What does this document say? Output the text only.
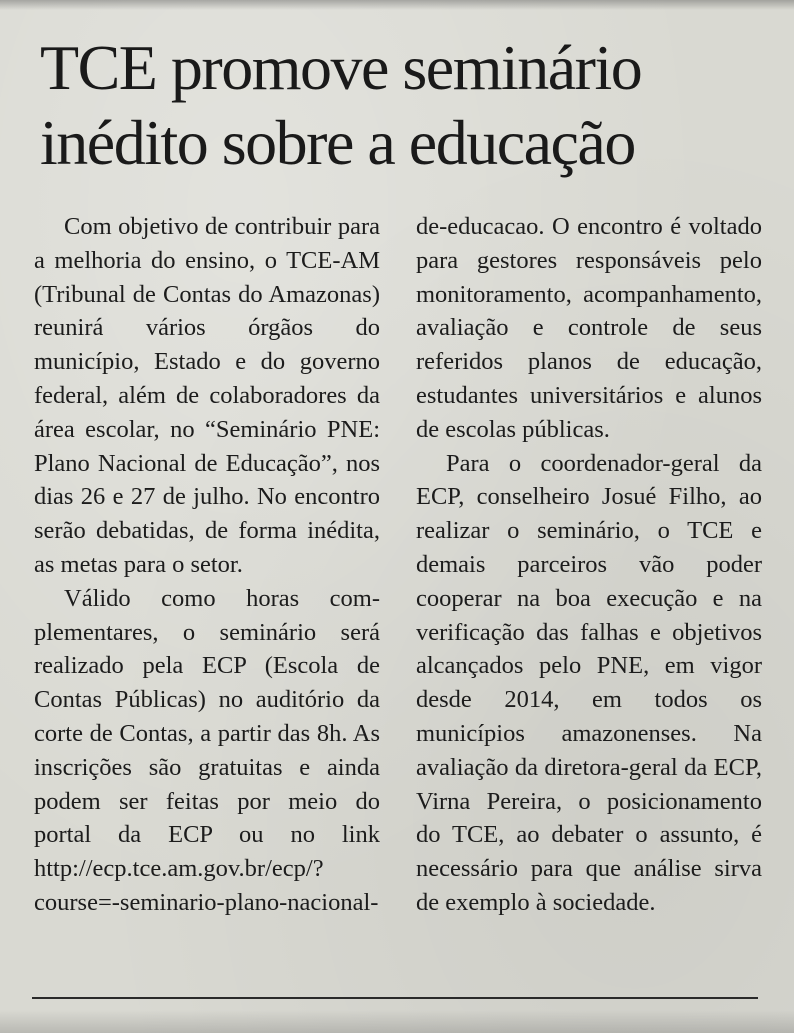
TCE promove seminário inédito sobre a educação

Com objetivo de contribuir para a melhoria do ensino, o TCE-AM (Tribunal de Contas do Amazonas) reunirá vários órgãos do município, Estado e do governo federal, além de colaboradores da área escolar, no “Seminário PNE: Plano Nacional de Educação”, nos dias 26 e 27 de julho. No encontro serão debatidas, de forma inédita, as metas para o setor.

Válido como horas complementares, o seminário será realizado pela ECP (Escola de Contas Públicas) no auditório da corte de Contas, a partir das 8h. As inscrições são gratuitas e ainda podem ser feitas por meio do portal da ECP ou no link http://ecp.​tce.am.gov.br/ecp/?course=-​seminario-plano-nacional-

de-educacao. O encontro é voltado para gestores responsáveis pelo monitoramento, acompanhamento, avaliação e controle de seus referidos planos de educação, estudantes universitários e alunos de escolas públicas.

Para o coordenador-geral da ECP, conselheiro Josué Filho, ao realizar o seminário, o TCE e demais parceiros vão poder cooperar na boa execução e na verificação das falhas e objetivos alcançados pelo PNE, em vigor desde 2014, em todos os municípios amazonenses. Na avaliação da diretora-geral da ECP, Virna Pereira, o posicionamento do TCE, ao debater o assunto, é necessário para que análise sirva de exemplo à sociedade.
